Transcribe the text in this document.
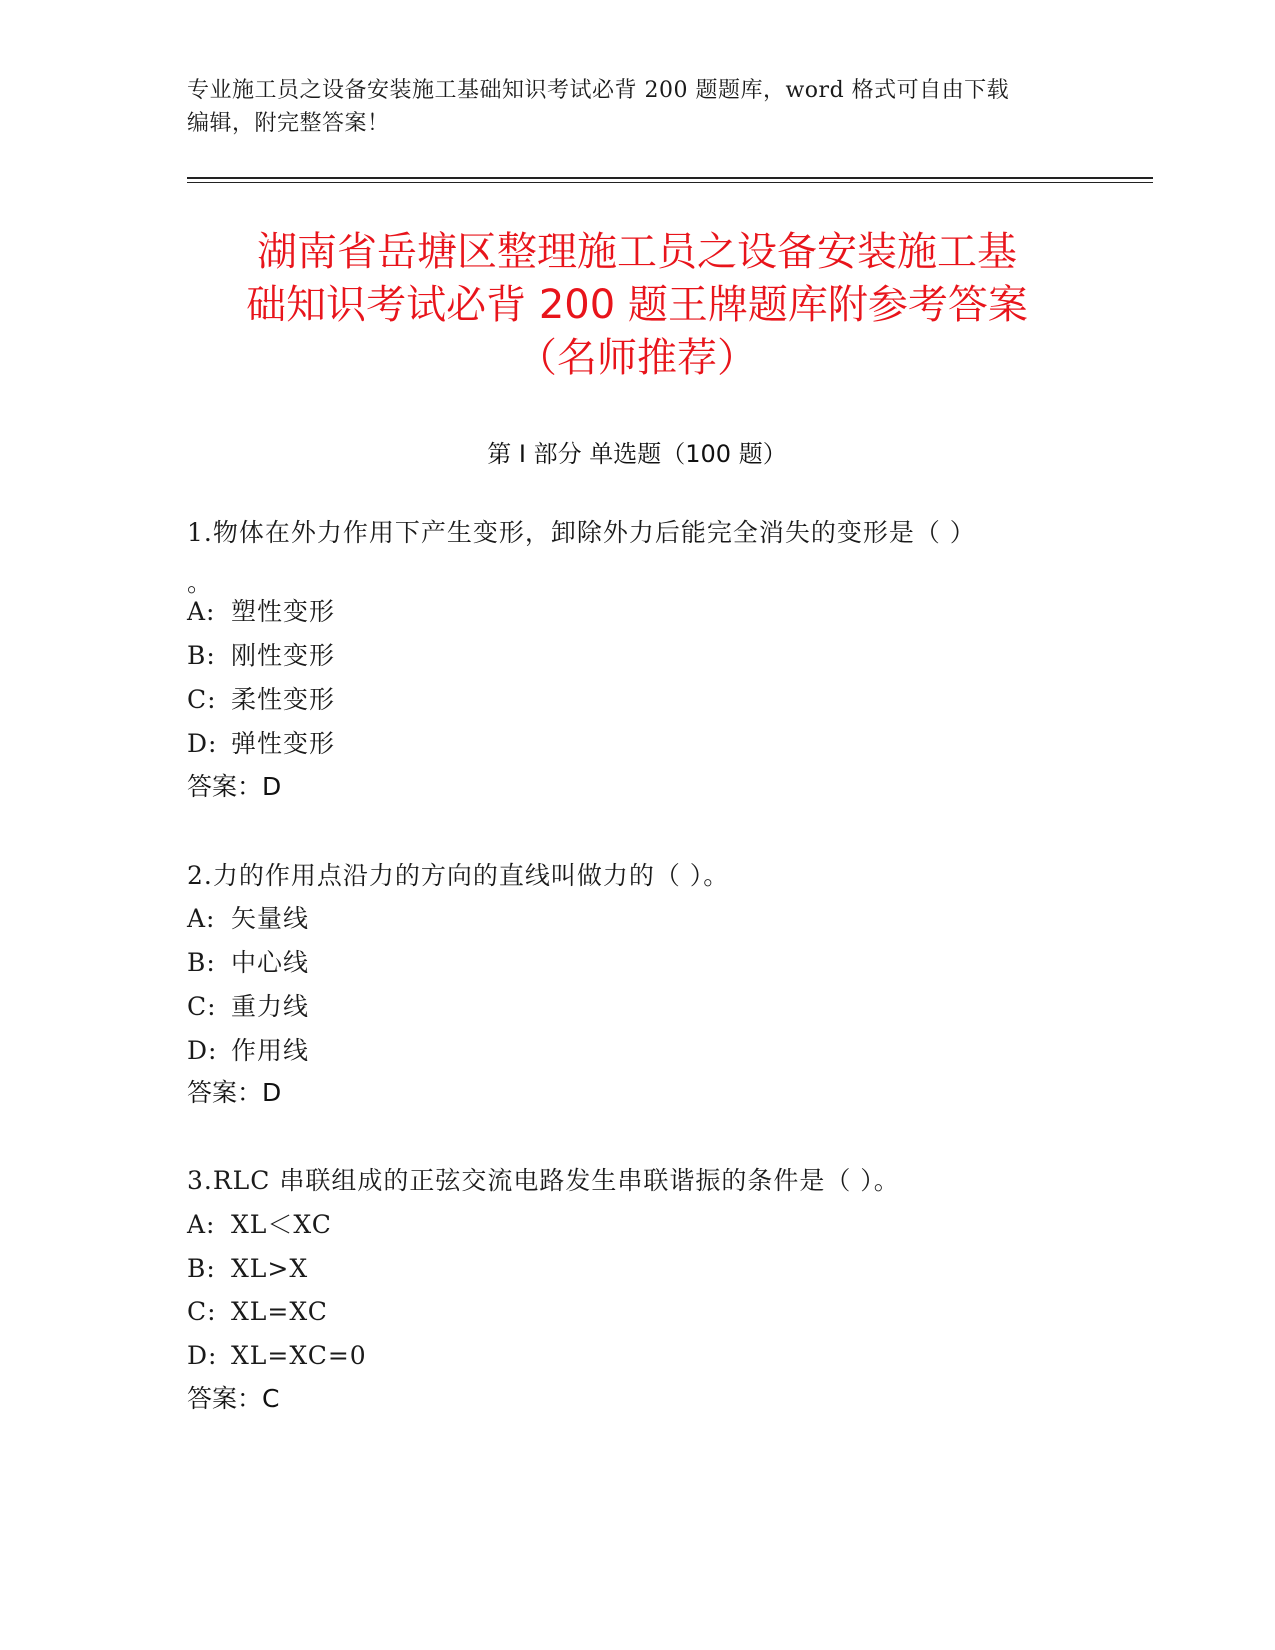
专业施工员之设备安装施工基础知识考试必背 200 题题库，word 格式可自由下载
编辑，附完整答案！
湖南省岳塘区整理施工员之设备安装施工基
础知识考试必背 200 题王牌题库附参考答案
（名师推荐）
第 I 部分 单选题（100 题）
1.物体在外力作用下产生变形，卸除外力后能完全消失的变形是（ ）
。
A: 塑性变形
B: 刚性变形
C: 柔性变形
D: 弹性变形
答案：D
2.力的作用点沿力的方向的直线叫做力的（ ）。
A: 矢量线
B: 中心线
C: 重力线
D: 作用线
答案：D
3.RLC 串联组成的正弦交流电路发生串联谐振的条件是（ ）。
A: XL＜XC
B: XL>X
C: XL=XC
D: XL=XC=0
答案：C
